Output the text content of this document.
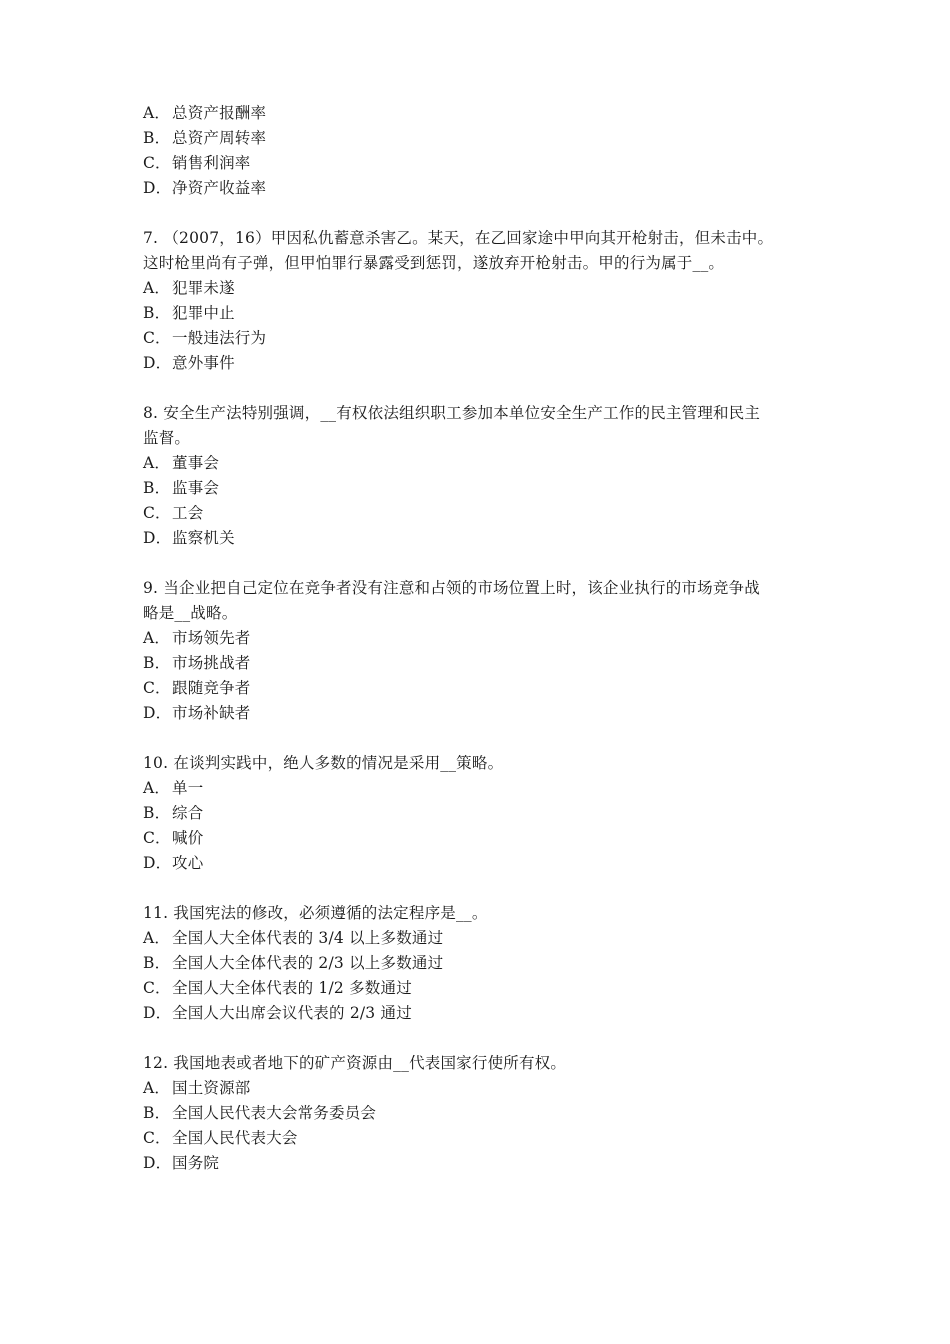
A． 总资产报酬率
B． 总资产周转率
C．销售利润率
D．净资产收益率
7. （2007，16）甲因私仇蓄意杀害乙。某天，在乙回家途中甲向其开枪射击，但未击中。
这时枪里尚有子弹，但甲怕罪行暴露受到惩罚，遂放弃开枪射击。甲的行为属于__。
A． 犯罪未遂
B． 犯罪中止
C．一般违法行为
D．意外事件
8. 安全生产法特别强调，__有权依法组织职工参加本单位安全生产工作的民主管理和民主
监督。
A． 董事会
B． 监事会
C．工会
D．监察机关
9. 当企业把自己定位在竞争者没有注意和占领的市场位置上时，该企业执行的市场竞争战
略是__战略。
A． 市场领先者
B． 市场挑战者
C．跟随竞争者
D．市场补缺者
10. 在谈判实践中，绝人多数的情况是采用__策略。
A． 单一
B． 综合
C．喊价
D．攻心
11. 我国宪法的修改，必须遵循的法定程序是__。
A． 全国人大全体代表的 3/4 以上多数通过
B． 全国人大全体代表的 2/3 以上多数通过
C．全国人大全体代表的 1/2 多数通过
D．全国人大出席会议代表的 2/3 通过
12. 我国地表或者地下的矿产资源由__代表国家行使所有权。
A． 国土资源部
B． 全国人民代表大会常务委员会
C．全国人民代表大会
D．国务院
